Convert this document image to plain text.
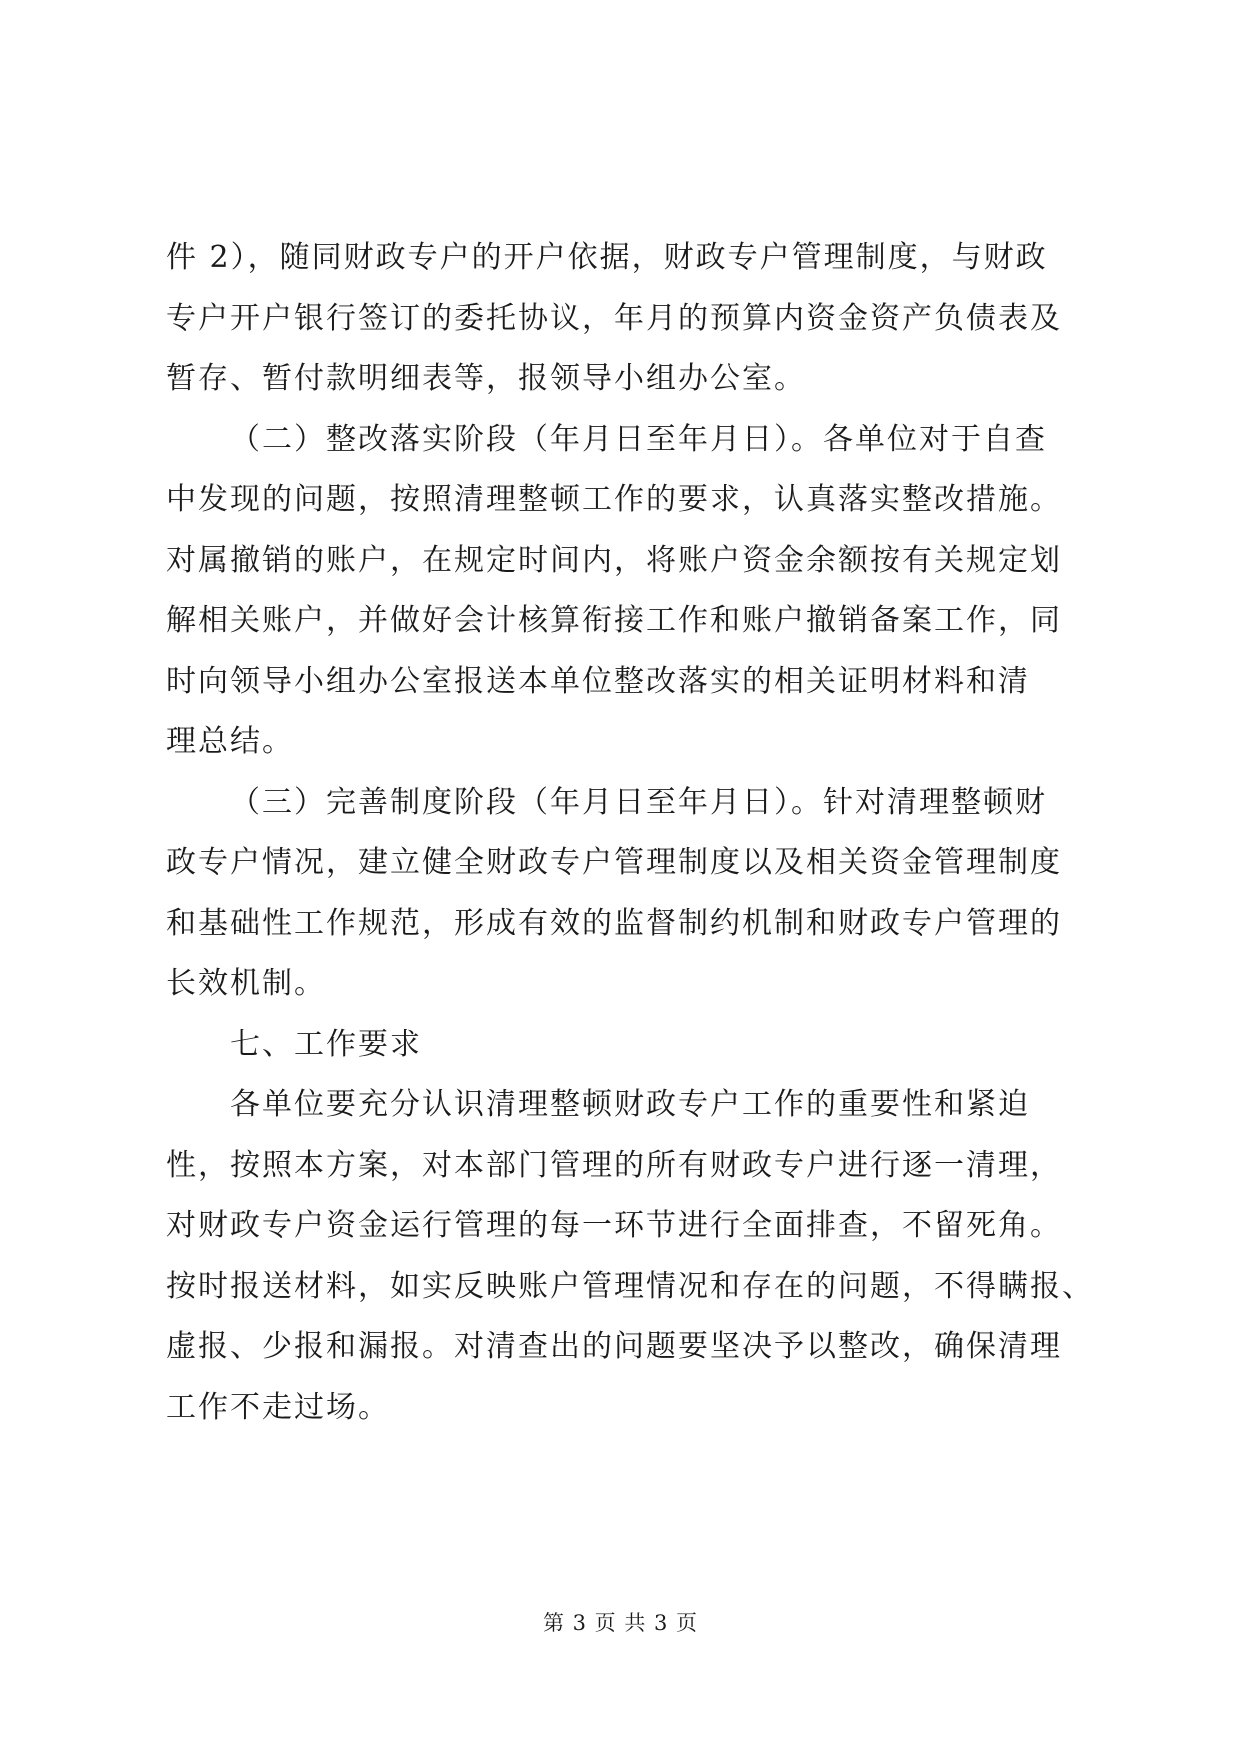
件 2），随同财政专户的开户依据，财政专户管理制度，与财政
专户开户银行签订的委托协议，年月的预算内资金资产负债表及
暂存、暂付款明细表等，报领导小组办公室。
（二）整改落实阶段（年月日至年月日）。各单位对于自查
中发现的问题，按照清理整顿工作的要求，认真落实整改措施。
对属撤销的账户，在规定时间内，将账户资金余额按有关规定划
解相关账户，并做好会计核算衔接工作和账户撤销备案工作，同
时向领导小组办公室报送本单位整改落实的相关证明材料和清
理总结。
（三）完善制度阶段（年月日至年月日）。针对清理整顿财
政专户情况，建立健全财政专户管理制度以及相关资金管理制度
和基础性工作规范，形成有效的监督制约机制和财政专户管理的
长效机制。
七、工作要求
各单位要充分认识清理整顿财政专户工作的重要性和紧迫
性，按照本方案，对本部门管理的所有财政专户进行逐一清理，
对财政专户资金运行管理的每一环节进行全面排查，不留死角。
按时报送材料，如实反映账户管理情况和存在的问题，不得瞒报、
虚报、少报和漏报。对清查出的问题要坚决予以整改，确保清理
工作不走过场。
第 3 页 共 3 页
